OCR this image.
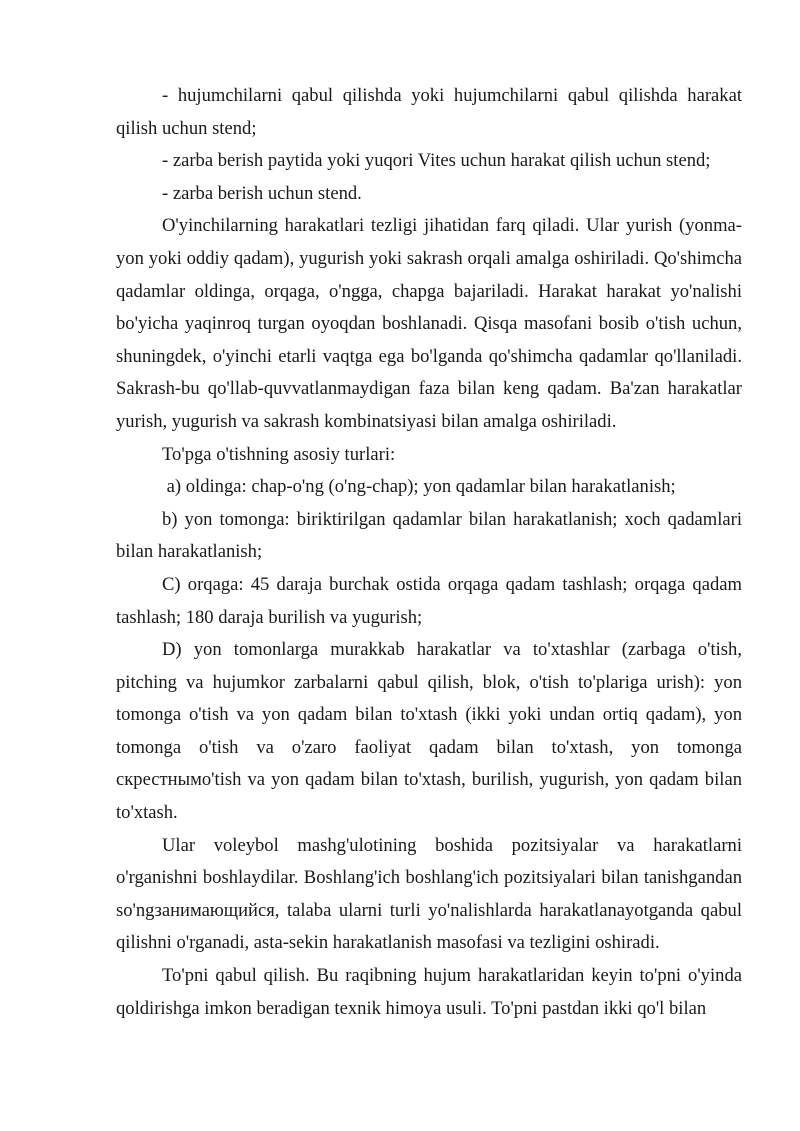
- hujumchilarni qabul qilishda yoki hujumchilarni qabul qilishda harakat qilish uchun stend;

- zarba berish paytida yoki yuqori Vites uchun harakat qilish uchun stend;

- zarba berish uchun stend.

O'yinchilarning harakatlari tezligi jihatidan farq qiladi. Ular yurish (yonma-yon yoki oddiy qadam), yugurish yoki sakrash orqali amalga oshiriladi. Qo'shimcha qadamlar oldinga, orqaga, o'ngga, chapga bajariladi. Harakat harakat yo'nalishi bo'yicha yaqinroq turgan oyoqdan boshlanadi. Qisqa masofani bosib o'tish uchun, shuningdek, o'yinchi etarli vaqtga ega bo'lganda qo'shimcha qadamlar qo'llaniladi. Sakrash-bu qo'llab-quvvatlanmaydigan faza bilan keng qadam. Ba'zan harakatlar yurish, yugurish va sakrash kombinatsiyasi bilan amalga oshiriladi.

To'pga o'tishning asosiy turlari:

a) oldinga: chap-o'ng (o'ng-chap); yon qadamlar bilan harakatlanish;

b) yon tomonga: biriktirilgan qadamlar bilan harakatlanish; xoch qadamlari bilan harakatlanish;

C) orqaga: 45 daraja burchak ostida orqaga qadam tashlash; orqaga qadam tashlash; 180 daraja burilish va yugurish;

D) yon tomonlarga murakkab harakatlar va to'xtashlar (zarbaga o'tish, pitching va hujumkor zarbalarni qabul qilish, blok, o'tish to'plariga urish): yon tomonga o'tish va yon qadam bilan to'xtash (ikki yoki undan ortiq qadam), yon tomonga o'tish va o'zaro faoliyat qadam bilan to'xtash, yon tomonga скрестнымо'tish va yon qadam bilan to'xtash, burilish, yugurish, yon qadam bilan to'xtash.

Ular voleybol mashg'ulotining boshida pozitsiyalar va harakatlarni o'rganishni boshlaydilar. Boshlang'ich boshlang'ich pozitsiyalari bilan tanishgandan so'ngзанимающийся, talaba ularni turli yo'nalishlarda harakatlanayotganda qabul qilishni o'rganadi, asta-sekin harakatlanish masofasi va tezligini oshiradi.

To'pni qabul qilish. Bu raqibning hujum harakatlaridan keyin to'pni o'yinda qoldirishga imkon beradigan texnik himoya usuli. To'pni pastdan ikki qo'l bilan
